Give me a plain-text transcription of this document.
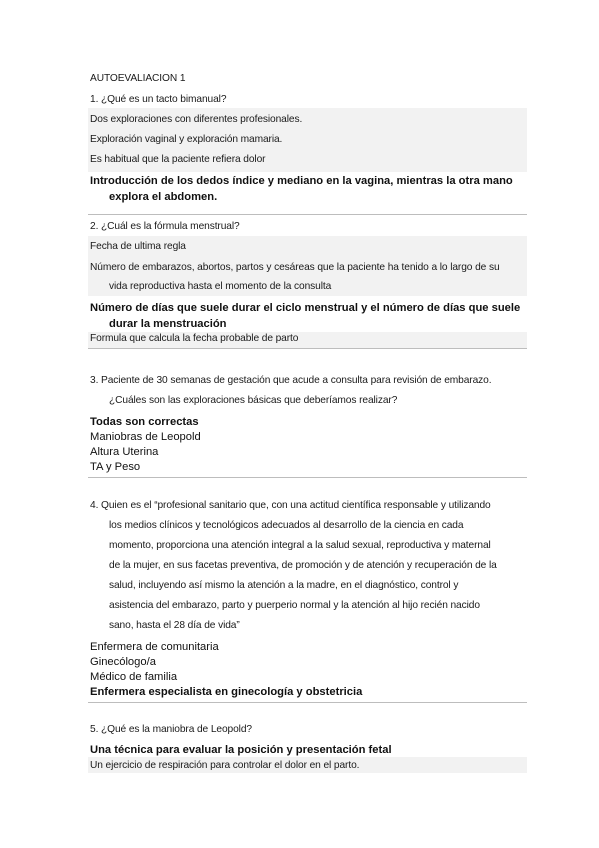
AUTOEVALIACION 1
1. ¿Qué es un tacto bimanual?
Dos exploraciones con diferentes profesionales.
Exploración vaginal y exploración mamaria.
Es habitual que la paciente refiera dolor
Introducción de los dedos índice y mediano en la vagina, mientras la otra mano
explora el abdomen.
2. ¿Cuál es la fórmula menstrual?
Fecha de ultima regla
Número de embarazos, abortos, partos y cesáreas que la paciente ha tenido a lo largo de su
vida reproductiva hasta el momento de la consulta
Número de días que suele durar el ciclo menstrual y el número de días que suele
durar la menstruación
Formula que calcula la fecha probable de parto
3. Paciente de 30 semanas de gestación que acude a consulta para revisión de embarazo.
¿Cuáles son las exploraciones básicas que deberíamos realizar?
Todas son correctas
Maniobras de Leopold
Altura Uterina
TA y Peso
4. Quien es el “profesional sanitario que, con una actitud científica responsable y utilizando
los medios clínicos y tecnológicos adecuados al desarrollo de la ciencia en cada
momento, proporciona una atención integral a la salud sexual, reproductiva y maternal
de la mujer, en sus facetas preventiva, de promoción y de atención y recuperación de la
salud, incluyendo así mismo la atención a la madre, en el diagnóstico, control y
asistencia del embarazo, parto y puerperio normal y la atención al hijo recién nacido
sano, hasta el 28 día de vida”
Enfermera de comunitaria
Ginecólogo/a
Médico de familia
Enfermera especialista en ginecología y obstetricia
5. ¿Qué es la maniobra de Leopold?
Una técnica para evaluar la posición y presentación fetal
Un ejercicio de respiración para controlar el dolor en el parto.
